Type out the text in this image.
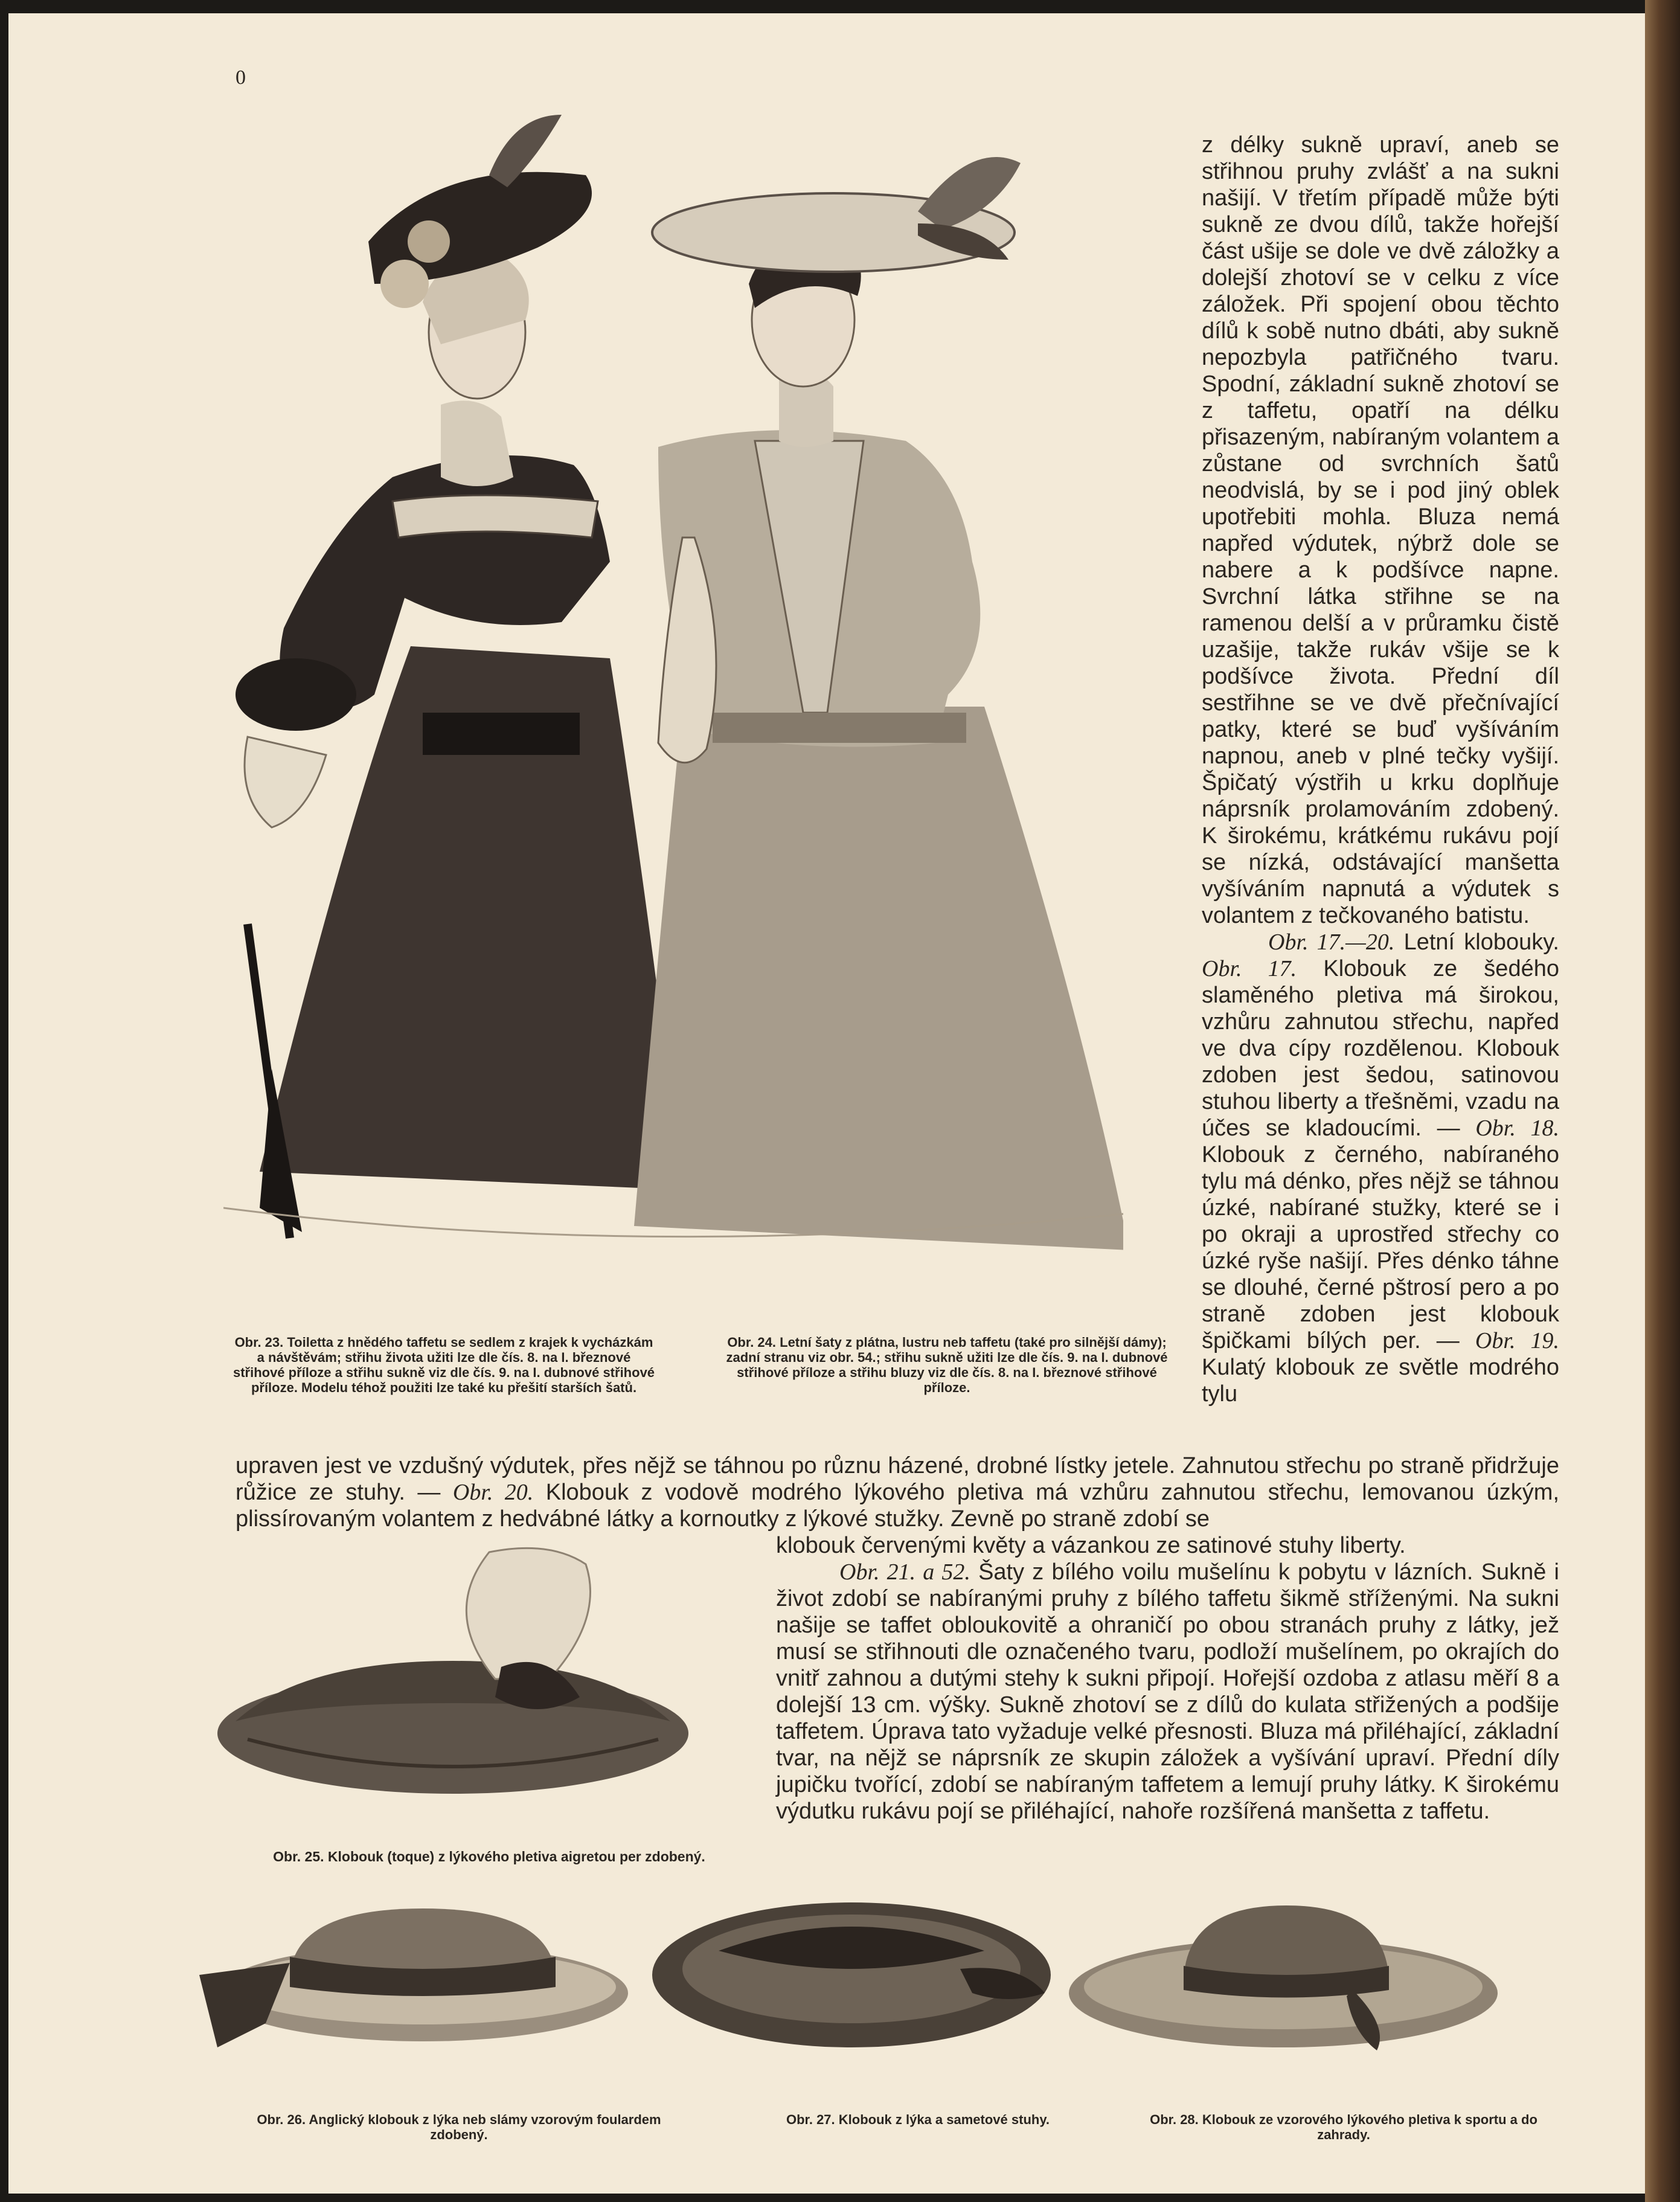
0

z délky sukně upraví, aneb se střihnou pruhy zvlášť a na sukni našijí. V třetím případě může býti sukně ze dvou dílů, takže hořejší část ušije se dole ve dvě záložky a dolejší zhotoví se v celku z více záložek. Při spojení obou těchto dílů k sobě nutno dbáti, aby sukně nepozbyla patřičného tvaru. Spodní, základní sukně zhotoví se z taffetu, opatří na délku přisazeným, nabíraným volantem a zůstane od svrchních šatů neodvislá, by se i pod jiný oblek upotřebiti mohla. Bluza nemá napřed výdutek, nýbrž dole se nabere a k podšívce napne. Svrchní látka střihne se na ramenou delší a v průramku čistě uzašije, takže rukáv všije se k podšívce života. Přední díl sestřihne se ve dvě přečnívající patky, které se buď vyšíváním napnou, aneb v plné tečky vyšijí. Špičatý výstřih u krku doplňuje náprsník prolamováním zdobený. K širokému, krátkému rukávu pojí se nízká, odstávající manšetta vyšíváním napnutá a výdutek s volantem z tečkovaného batistu.

Obr. 17.—20. Letní klobouky. Obr. 17. Klobouk ze šedého slaměného pletiva má širokou, vzhůru zahnutou střechu, napřed ve dva cípy rozdělenou. Klobouk zdoben jest šedou, satinovou stuhou liberty a třešněmi, vzadu na účes se kladoucími. — Obr. 18. Klobouk z černého, nabíraného tylu má dénko, přes nějž se táhnou úzké, nabírané stužky, které se i po okraji a uprostřed střechy co úzké ryše našijí. Přes dénko táhne se dlouhé, černé pštrosí pero a po straně zdoben jest klobouk špičkami bílých per. — Obr. 19. Kulatý klobouk ze světle modrého tylu

Obr. 23. Toiletta z hnědého taffetu se sedlem z krajek k vycházkám a návštěvám; střihu života užiti lze dle čís. 8. na I. březnové střihové příloze a střihu sukně viz dle čís. 9. na I. dubnové střihové příloze. Modelu téhož použiti lze také ku přešití starších šatů.
Obr. 24. Letní šaty z plátna, lustru neb taffetu (také pro silnější dámy); zadní stranu viz obr. 54.; střihu sukně užiti lze dle čís. 9. na I. dubnové střihové příloze a střihu bluzy viz dle čís. 8. na I. březnové střihové příloze.

upraven jest ve vzdušný výdutek, přes nějž se táhnou po různu házené, drobné lístky jetele. Zahnutou střechu po straně přidržuje růžice ze stuhy. — Obr. 20. Klobouk z vodově modrého lýkového pletiva má vzhůru zahnutou střechu, lemovanou úzkým, plissírovaným volantem z hedvábné látky a kornoutky z lýkové stužky. Zevně po straně zdobí se

klobouk červenými květy a vázankou ze satinové stuhy liberty.

Obr. 21. a 52. Šaty z bílého voilu mušelínu k pobytu v lázních. Sukně i život zdobí se nabíranými pruhy z bílého taffetu šikmě stříženými. Na sukni našije se taffet obloukovitě a ohraničí po obou stranách pruhy z látky, jež musí se střihnouti dle označeného tvaru, podloží mušelínem, po okrajích do vnitř zahnou a dutými stehy k sukni připojí. Hořejší ozdoba z atlasu měří 8 a dolejší 13 cm. výšky. Sukně zhotoví se z dílů do kulata střižených a podšije taffetem. Úprava tato vyžaduje velké přesnosti. Bluza má přiléhající, základní tvar, na nějž se náprsník ze skupin záložek a vyšívání upraví. Přední díly jupičku tvořící, zdobí se nabíraným taffetem a lemují pruhy látky. K širokému výdutku rukávu pojí se přiléhající, nahoře rozšířená manšetta z taffetu.

Obr. 25. Klobouk (toque) z lýkového pletiva aigretou per zdobený.
Obr. 26. Anglický klobouk z lýka neb slámy vzorovým foulardem zdobený.
Obr. 27. Klobouk z lýka a sametové stuhy.	Obr. 28. Klobouk ze vzorového lýkového pletiva k sportu a do zahrady.
